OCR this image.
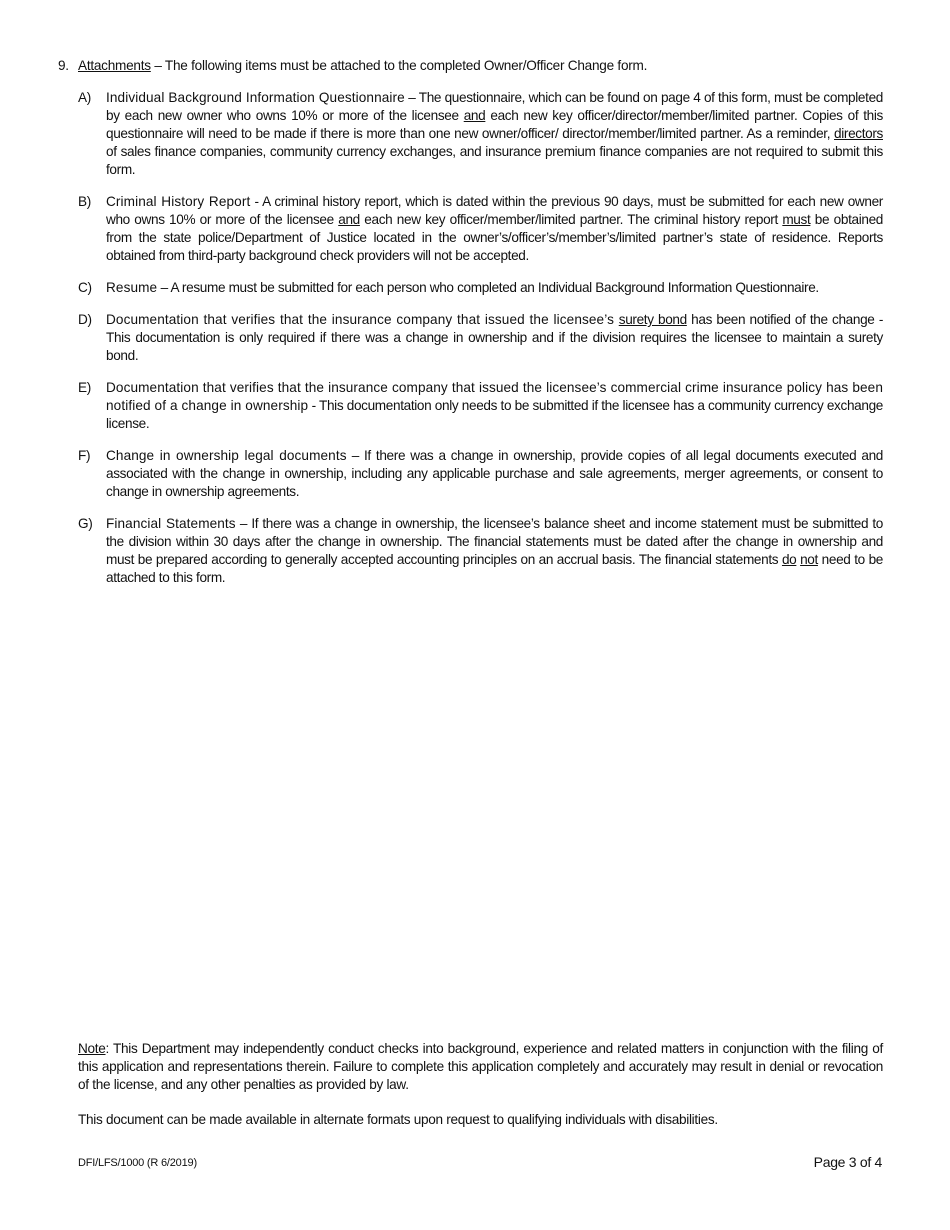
9. Attachments – The following items must be attached to the completed Owner/Officer Change form.
A) Individual Background Information Questionnaire – The questionnaire, which can be found on page 4 of this form, must be completed by each new owner who owns 10% or more of the licensee and each new key officer/director/member/limited partner. Copies of this questionnaire will need to be made if there is more than one new owner/officer/ director/member/limited partner. As a reminder, directors of sales finance companies, community currency exchanges, and insurance premium finance companies are not required to submit this form.
B) Criminal History Report - A criminal history report, which is dated within the previous 90 days, must be submitted for each new owner who owns 10% or more of the licensee and each new key officer/member/limited partner. The criminal history report must be obtained from the state police/Department of Justice located in the owner’s/officer’s/member’s/limited partner’s state of residence. Reports obtained from third-party background check providers will not be accepted.
C) Resume – A resume must be submitted for each person who completed an Individual Background Information Questionnaire.
D) Documentation that verifies that the insurance company that issued the licensee’s surety bond has been notified of the change - This documentation is only required if there was a change in ownership and if the division requires the licensee to maintain a surety bond.
E) Documentation that verifies that the insurance company that issued the licensee’s commercial crime insurance policy has been notified of a change in ownership - This documentation only needs to be submitted if the licensee has a community currency exchange license.
F) Change in ownership legal documents – If there was a change in ownership, provide copies of all legal documents executed and associated with the change in ownership, including any applicable purchase and sale agreements, merger agreements, or consent to change in ownership agreements.
G) Financial Statements – If there was a change in ownership, the licensee’s balance sheet and income statement must be submitted to the division within 30 days after the change in ownership. The financial statements must be dated after the change in ownership and must be prepared according to generally accepted accounting principles on an accrual basis. The financial statements do not need to be attached to this form.
Note: This Department may independently conduct checks into background, experience and related matters in conjunction with the filing of this application and representations therein. Failure to complete this application completely and accurately may result in denial or revocation of the license, and any other penalties as provided by law.
This document can be made available in alternate formats upon request to qualifying individuals with disabilities.
DFI/LFS/1000 (R 6/2019)	Page 3 of 4
